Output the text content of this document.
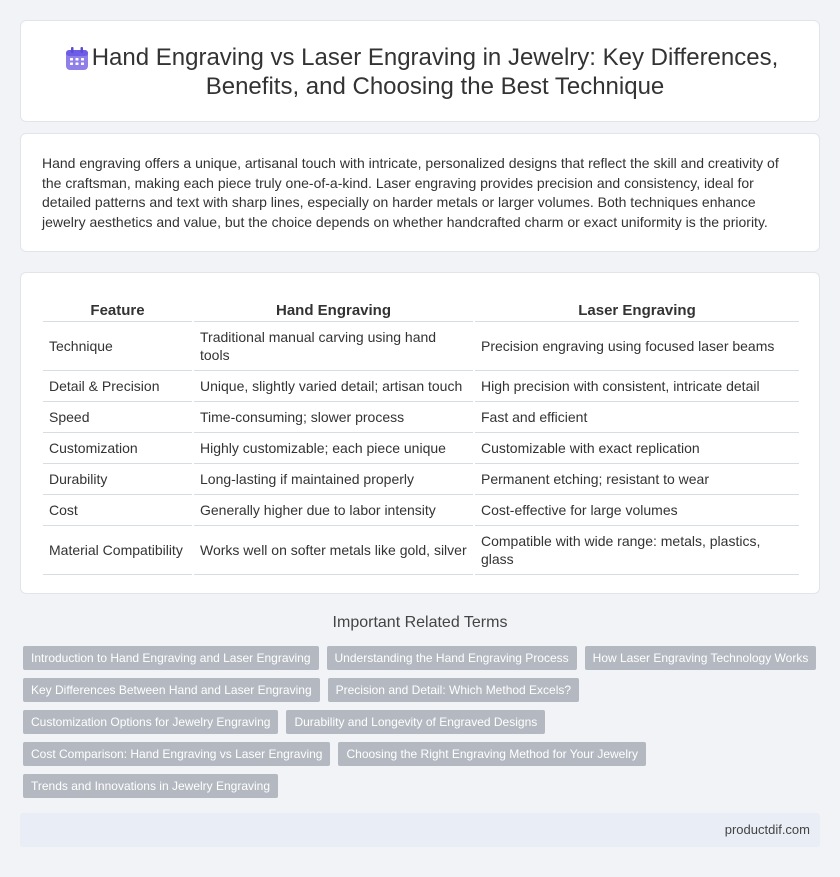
Hand Engraving vs Laser Engraving in Jewelry: Key Differences, Benefits, and Choosing the Best Technique

Hand engraving offers a unique, artisanal touch with intricate, personalized designs that reflect the skill and creativity of the craftsman, making each piece truly one-of-a-kind. Laser engraving provides precision and consistency, ideal for detailed patterns and text with sharp lines, especially on harder metals or larger volumes. Both techniques enhance jewelry aesthetics and value, but the choice depends on whether handcrafted charm or exact uniformity is the priority.

Feature	Hand Engraving	Laser Engraving
Technique	Traditional manual carving using hand tools	Precision engraving using focused laser beams
Detail & Precision	Unique, slightly varied detail; artisan touch	High precision with consistent, intricate detail
Speed	Time-consuming; slower process	Fast and efficient
Customization	Highly customizable; each piece unique	Customizable with exact replication
Durability	Long-lasting if maintained properly	Permanent etching; resistant to wear
Cost	Generally higher due to labor intensity	Cost-effective for large volumes
Material Compatibility	Works well on softer metals like gold, silver	Compatible with wide range: metals, plastics, glass
Important Related Terms
Introduction to Hand Engraving and Laser Engraving	Understanding the Hand Engraving Process	How Laser Engraving Technology Works
Key Differences Between Hand and Laser Engraving	Precision and Detail: Which Method Excels?
Customization Options for Jewelry Engraving	Durability and Longevity of Engraved Designs
Cost Comparison: Hand Engraving vs Laser Engraving	Choosing the Right Engraving Method for Your Jewelry
Trends and Innovations in Jewelry Engraving
productdif.com
